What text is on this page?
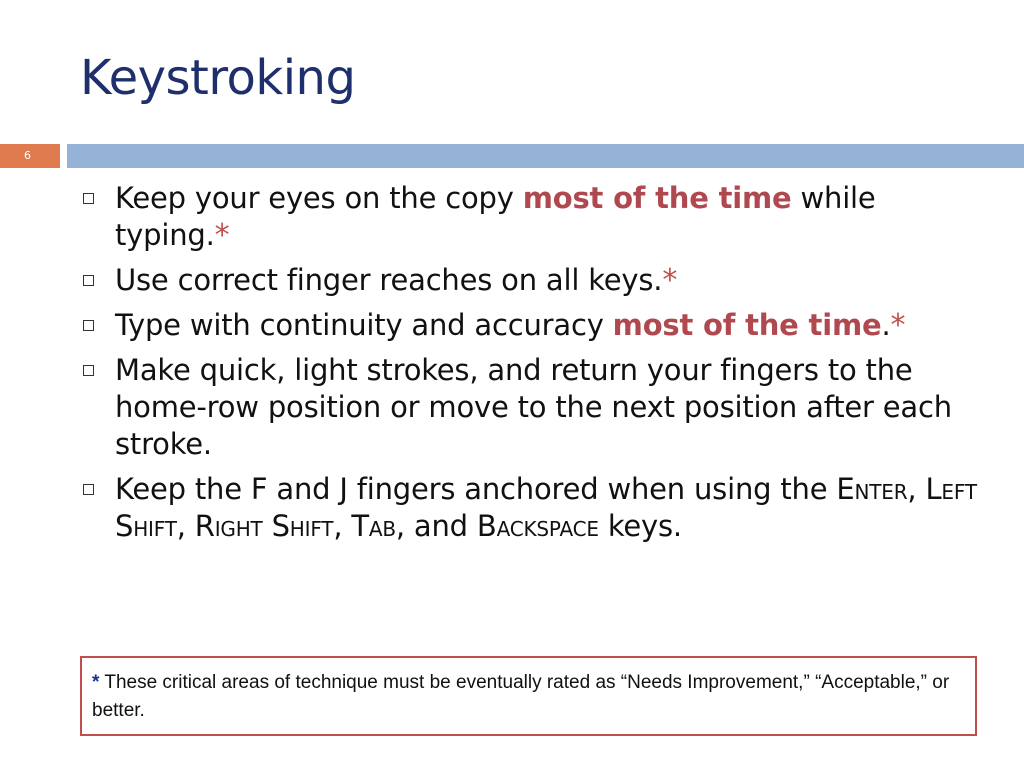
Keystroking
6
Keep your eyes on the copy most of the time while typing.*
Use correct finger reaches on all keys.*
Type with continuity and accuracy most of the time.*
Make quick, light strokes, and return your fingers to the home-row position or move to the next position after each stroke.
Keep the F and J fingers anchored when using the Enter, Left Shift, Right Shift, Tab, and Backspace keys.
* These critical areas of technique must be eventually rated as “Needs Improvement,” “Acceptable,” or better.
